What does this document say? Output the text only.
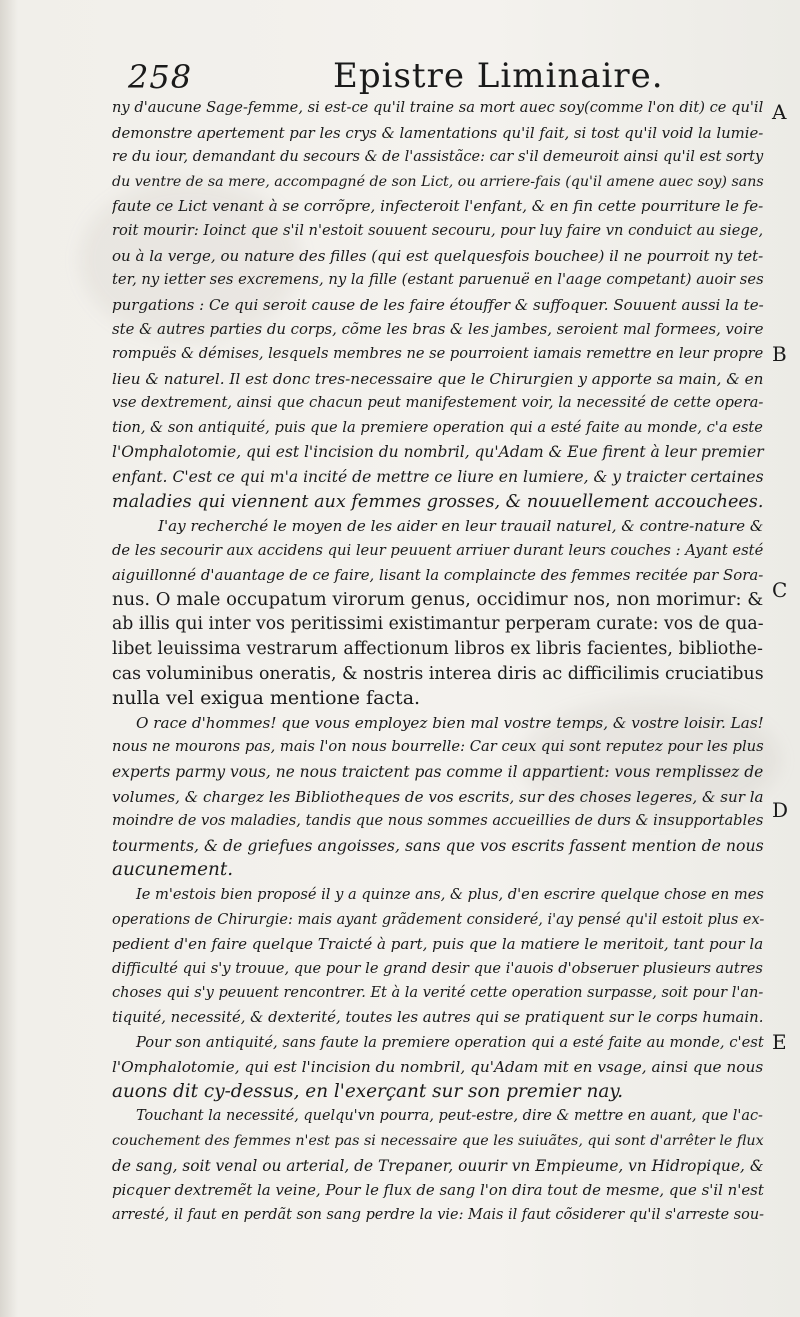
258	Epistre Liminaire.
A
B
C
D
E
ny d'aucune Sage-femme, si est-ce qu'il traine sa mort auec soy(comme l'on dit) ce qu'il
demonstre apertement par les crys & lamentations qu'il fait, si tost qu'il void la lumie-
re du iour, demandant du secours & de l'assistãce: car s'il demeuroit ainsi qu'il est sorty
du ventre de sa mere, accompagné de son Lict, ou arriere-fais (qu'il amene auec soy) sans
faute ce Lict venant à se corrõpre, infecteroit l'enfant, & en fin cette pourriture le fe-
roit mourir: Ioinct que s'il n'estoit souuent secouru, pour luy faire vn conduict au siege,
ou à la verge, ou nature des filles (qui est quelquesfois bouchee) il ne pourroit ny tet-
ter, ny ietter ses excremens, ny la fille (estant paruenuë en l'aage competant) auoir ses
purgations : Ce qui seroit cause de les faire étouffer & suffoquer. Souuent aussi la te-
ste & autres parties du corps, cõme les bras & les jambes, seroient mal formees, voire
rompuës & démises, lesquels membres ne se pourroient iamais remettre en leur propre
lieu & naturel. Il est donc tres-necessaire que le Chirurgien y apporte sa main, & en
vse dextrement, ainsi que chacun peut manifestement voir, la necessité de cette opera-
tion, & son antiquité, puis que la premiere operation qui a esté faite au monde, c'a este
l'Omphalotomie, qui est l'incision du nombril, qu'Adam & Eue firent à leur premier
enfant. C'est ce qui m'a incité de mettre ce liure en lumiere, & y traicter certaines
maladies qui viennent aux femmes grosses, & nouuellement accouchees.
I'ay recherché le moyen de les aider en leur trauail naturel, & contre-nature &
de les secourir aux accidens qui leur peuuent arriuer durant leurs couches : Ayant esté
aiguillonné d'auantage de ce faire, lisant la complaincte des femmes recitée par Sora-
nus. O male occupatum virorum genus, occidimur nos, non morimur: &
ab illis qui inter vos peritissimi existimantur perperam curate: vos de qua-
libet leuissima vestrarum affectionum libros ex libris facientes, bibliothe-
cas voluminibus oneratis, & nostris interea diris ac difficilimis cruciatibus
nulla vel exigua mentione facta.
O race d'hommes! que vous employez bien mal vostre temps, & vostre loisir. Las!
nous ne mourons pas, mais l'on nous bourrelle: Car ceux qui sont reputez pour les plus
experts parmy vous, ne nous traictent pas comme il appartient: vous remplissez de
volumes, & chargez les Bibliotheques de vos escrits, sur des choses legeres, & sur la
moindre de vos maladies, tandis que nous sommes accueillies de durs & insupportables
tourments, & de griefues angoisses, sans que vos escrits fassent mention de nous
aucunement.
Ie m'estois bien proposé il y a quinze ans, & plus, d'en escrire quelque chose en mes
operations de Chirurgie: mais ayant grãdement consideré, i'ay pensé qu'il estoit plus ex-
pedient d'en faire quelque Traicté à part, puis que la matiere le meritoit, tant pour la
difficulté qui s'y trouue, que pour le grand desir que i'auois d'obseruer plusieurs autres
choses qui s'y peuuent rencontrer. Et à la verité cette operation surpasse, soit pour l'an-
tiquité, necessité, & dexterité, toutes les autres qui se pratiquent sur le corps humain.
Pour son antiquité, sans faute la premiere operation qui a esté faite au monde, c'est
l'Omphalotomie, qui est l'incision du nombril, qu'Adam mit en vsage, ainsi que nous
auons dit cy-dessus, en l'exerçant sur son premier nay.
Touchant la necessité, quelqu'vn pourra, peut-estre, dire & mettre en auant, que l'ac-
couchement des femmes n'est pas si necessaire que les suiuãtes, qui sont d'arrêter le flux
de sang, soit venal ou arterial, de Trepaner, ouurir vn Empieume, vn Hidropique, &
picquer dextremẽt la veine, Pour le flux de sang l'on dira tout de mesme, que s'il n'est
arresté, il faut en perdãt son sang perdre la vie: Mais il faut cõsiderer qu'il s'arreste sou-
